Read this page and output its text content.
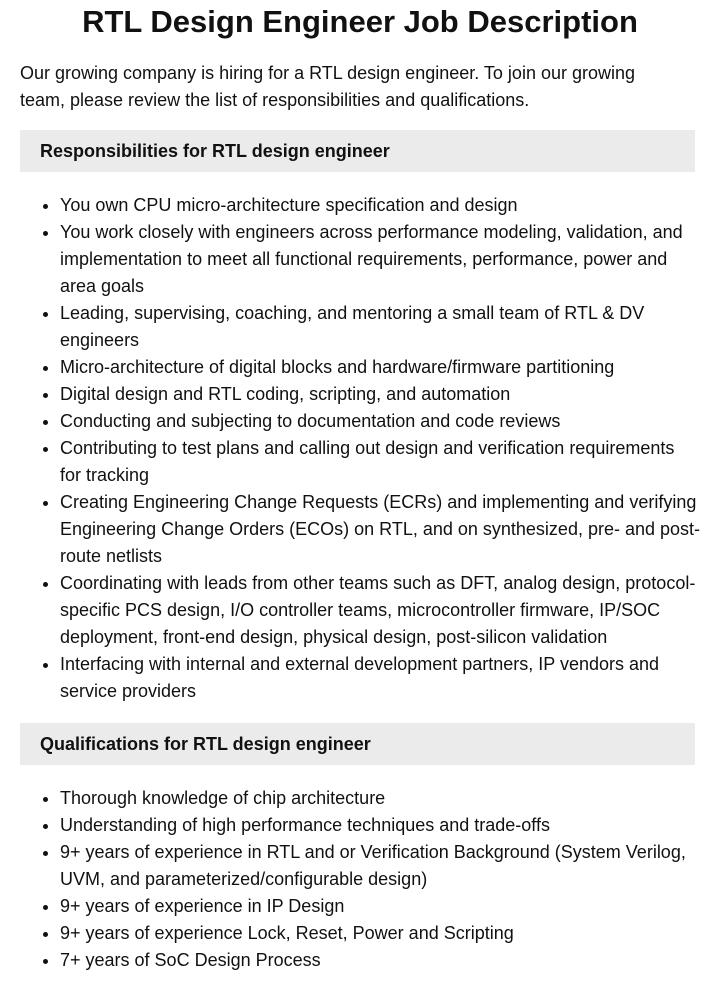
RTL Design Engineer Job Description

Our growing company is hiring for a RTL design engineer. To join our growing team, please review the list of responsibilities and qualifications.

Responsibilities for RTL design engineer
• You own CPU micro-architecture specification and design
• You work closely with engineers across performance modeling, validation, and implementation to meet all functional requirements, performance, power and area goals
• Leading, supervising, coaching, and mentoring a small team of RTL & DV engineers
• Micro-architecture of digital blocks and hardware/firmware partitioning
• Digital design and RTL coding, scripting, and automation
• Conducting and subjecting to documentation and code reviews
• Contributing to test plans and calling out design and verification requirements for tracking
• Creating Engineering Change Requests (ECRs) and implementing and verifying Engineering Change Orders (ECOs) on RTL, and on synthesized, pre- and post-route netlists
• Coordinating with leads from other teams such as DFT, analog design, protocol-specific PCS design, I/O controller teams, microcontroller firmware, IP/SOC deployment, front-end design, physical design, post-silicon validation
• Interfacing with internal and external development partners, IP vendors and service providers
Qualifications for RTL design engineer
• Thorough knowledge of chip architecture
• Understanding of high performance techniques and trade-offs
• 9+ years of experience in RTL and or Verification Background (System Verilog, UVM, and parameterized/configurable design)
• 9+ years of experience in IP Design
• 9+ years of experience Lock, Reset, Power and Scripting
• 7+ years of SoC Design Process
